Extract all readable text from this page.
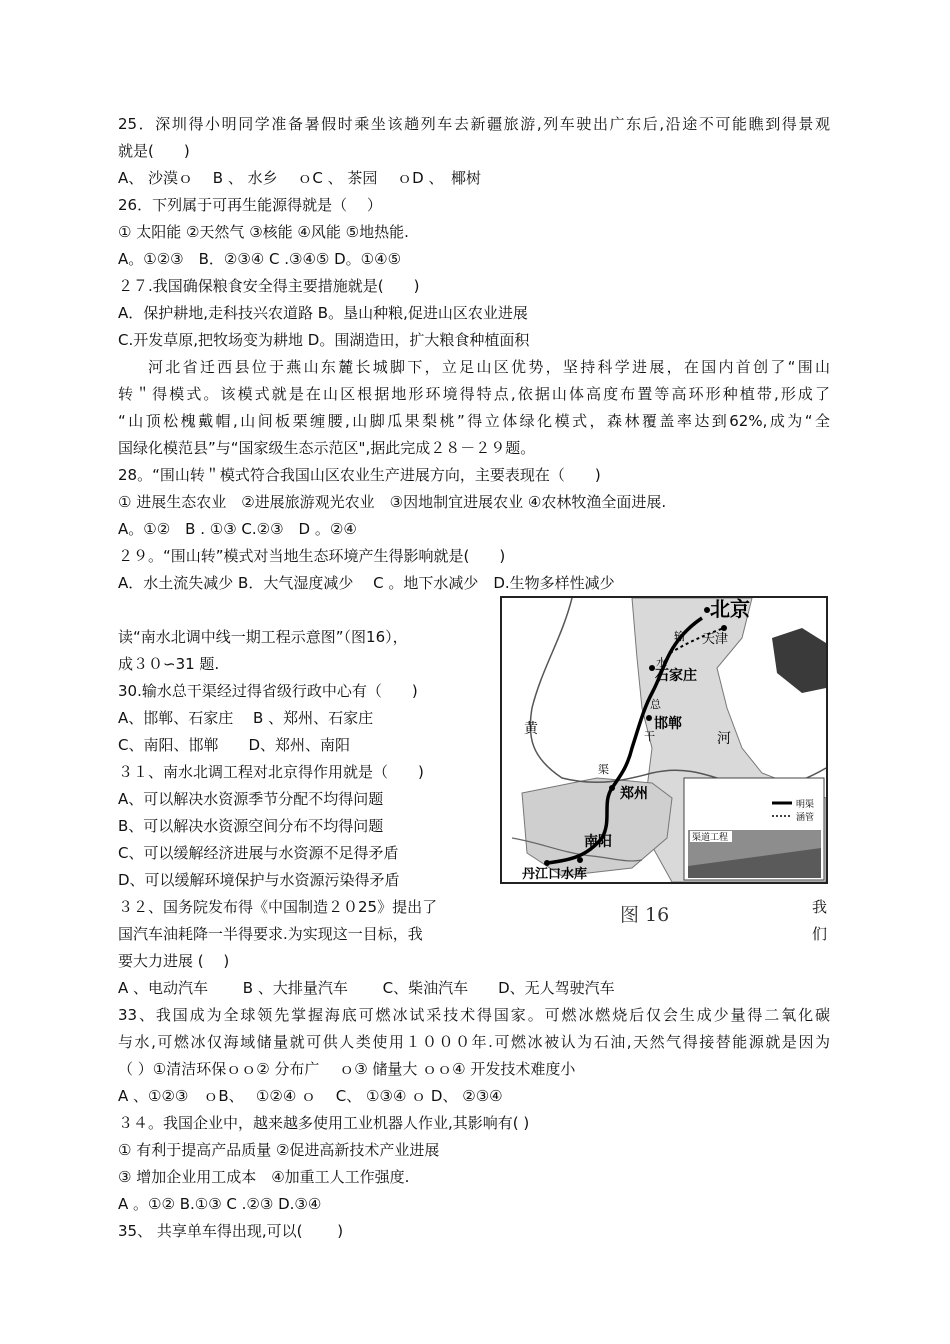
25．深圳得小明同学准备暑假时乘坐该趟列车去新疆旅游,列车驶出广东后,沿途不可能瞧到得景观
就是(　　)
A、 沙漠ｏ　 B 、 水乡 　ｏC 、 茶园 　ｏD 、　椰树
26．下列属于可再生能源得就是（　 ）
① 太阳能 ②天然气 ③核能 ④风能 ⑤地热能.
A。①②③　B．②③④ C .③④⑤ D。①④⑤
２７.我国确保粮食安全得主要措施就是(　　)
A．保护耕地,走科技兴农道路 B。垦山种粮,促进山区农业进展
C.开发草原,把牧场变为耕地 D。围湖造田，扩大粮食种植面积
河北省迁西县位于燕山东麓长城脚下，立足山区优势，坚持科学进展，在国内首创了“围山
转＂得模式。该模式就是在山区根据地形环境得特点,依据山体高度布置等高环形种植带,形成了
“山顶松槐戴帽,山间板栗缠腰,山脚瓜果梨桃”得立体绿化模式，森林覆盖率达到62%,成为“全
国绿化模范县”与“国家级生态示范区",据此完成２８－２９题。
28。“围山转＂模式符合我国山区农业生产进展方向，主要表现在（　　)
① 进展生态农业　②进展旅游观光农业　③因地制宜进展农业 ④农林牧渔全面进展.
A。①②　B . ①③ C.②③　D 。②④
２９。“围山转”模式对当地生态环境产生得影响就是(　　)
A．水土流失减少 B．大气湿度减少　 C 。地下水减少　D.生物多样性减少
读“南水北调中线一期工程示意图”（图16），
成３０∽31 题.
30.输水总干渠经过得省级行政中心有（　　)
A、邯郸、石家庄　 B 、郑州、石家庄
C、南阳、邯郸　　D、郑州、南阳
３１、南水北调工程对北京得作用就是（　　)
A、可以解决水资源季节分配不均得问题
B、可以解决水资源空间分布不均得问题
C、可以缓解经济进展与水资源不足得矛盾
D、可以缓解环境保护与水资源污染得矛盾
３２、国务院发布得《中国制造２０25》提出了	我
国汽车油耗降一半得要求.为实现这一目标，我	们
要大力进展 (　 )
A 、电动汽车　　 B 、大排量汽车　　 C、柴油汽车　　D、无人驾驶汽车
33、我国成为全球领先掌握海底可燃冰试采技术得国家。可燃冰燃烧后仅会生成少量得二氧化碳
与水,可燃冰仅海域储量就可供人类使用１０００年.可燃冰被认为石油,天然气得接替能源就是因为
（ ）①清洁环保ｏｏ② 分布广 　ｏ③ 储量大 ｏｏ④ 开发技术难度小
A 、①②③　ｏB、　 ①②④ ｏ　 C、 ①③④ ｏ D、 ②③④
３４。我国企业中，越来越多使用工业机器人作业,其影响有( )
① 有利于提高产品质量 ②促进高新技术产业进展
③ 增加企业用工成本　④加重工人工作强度.
A 。①② B.①③ C .②③ D.③④
35、 共享单车得出现,可以(　　 )
北京
天津
石家庄
邯郸
郑州
南阳
丹江口水库
黄
河
输
水
总
干
渠
明渠
涵管
渠道工程
图 16
